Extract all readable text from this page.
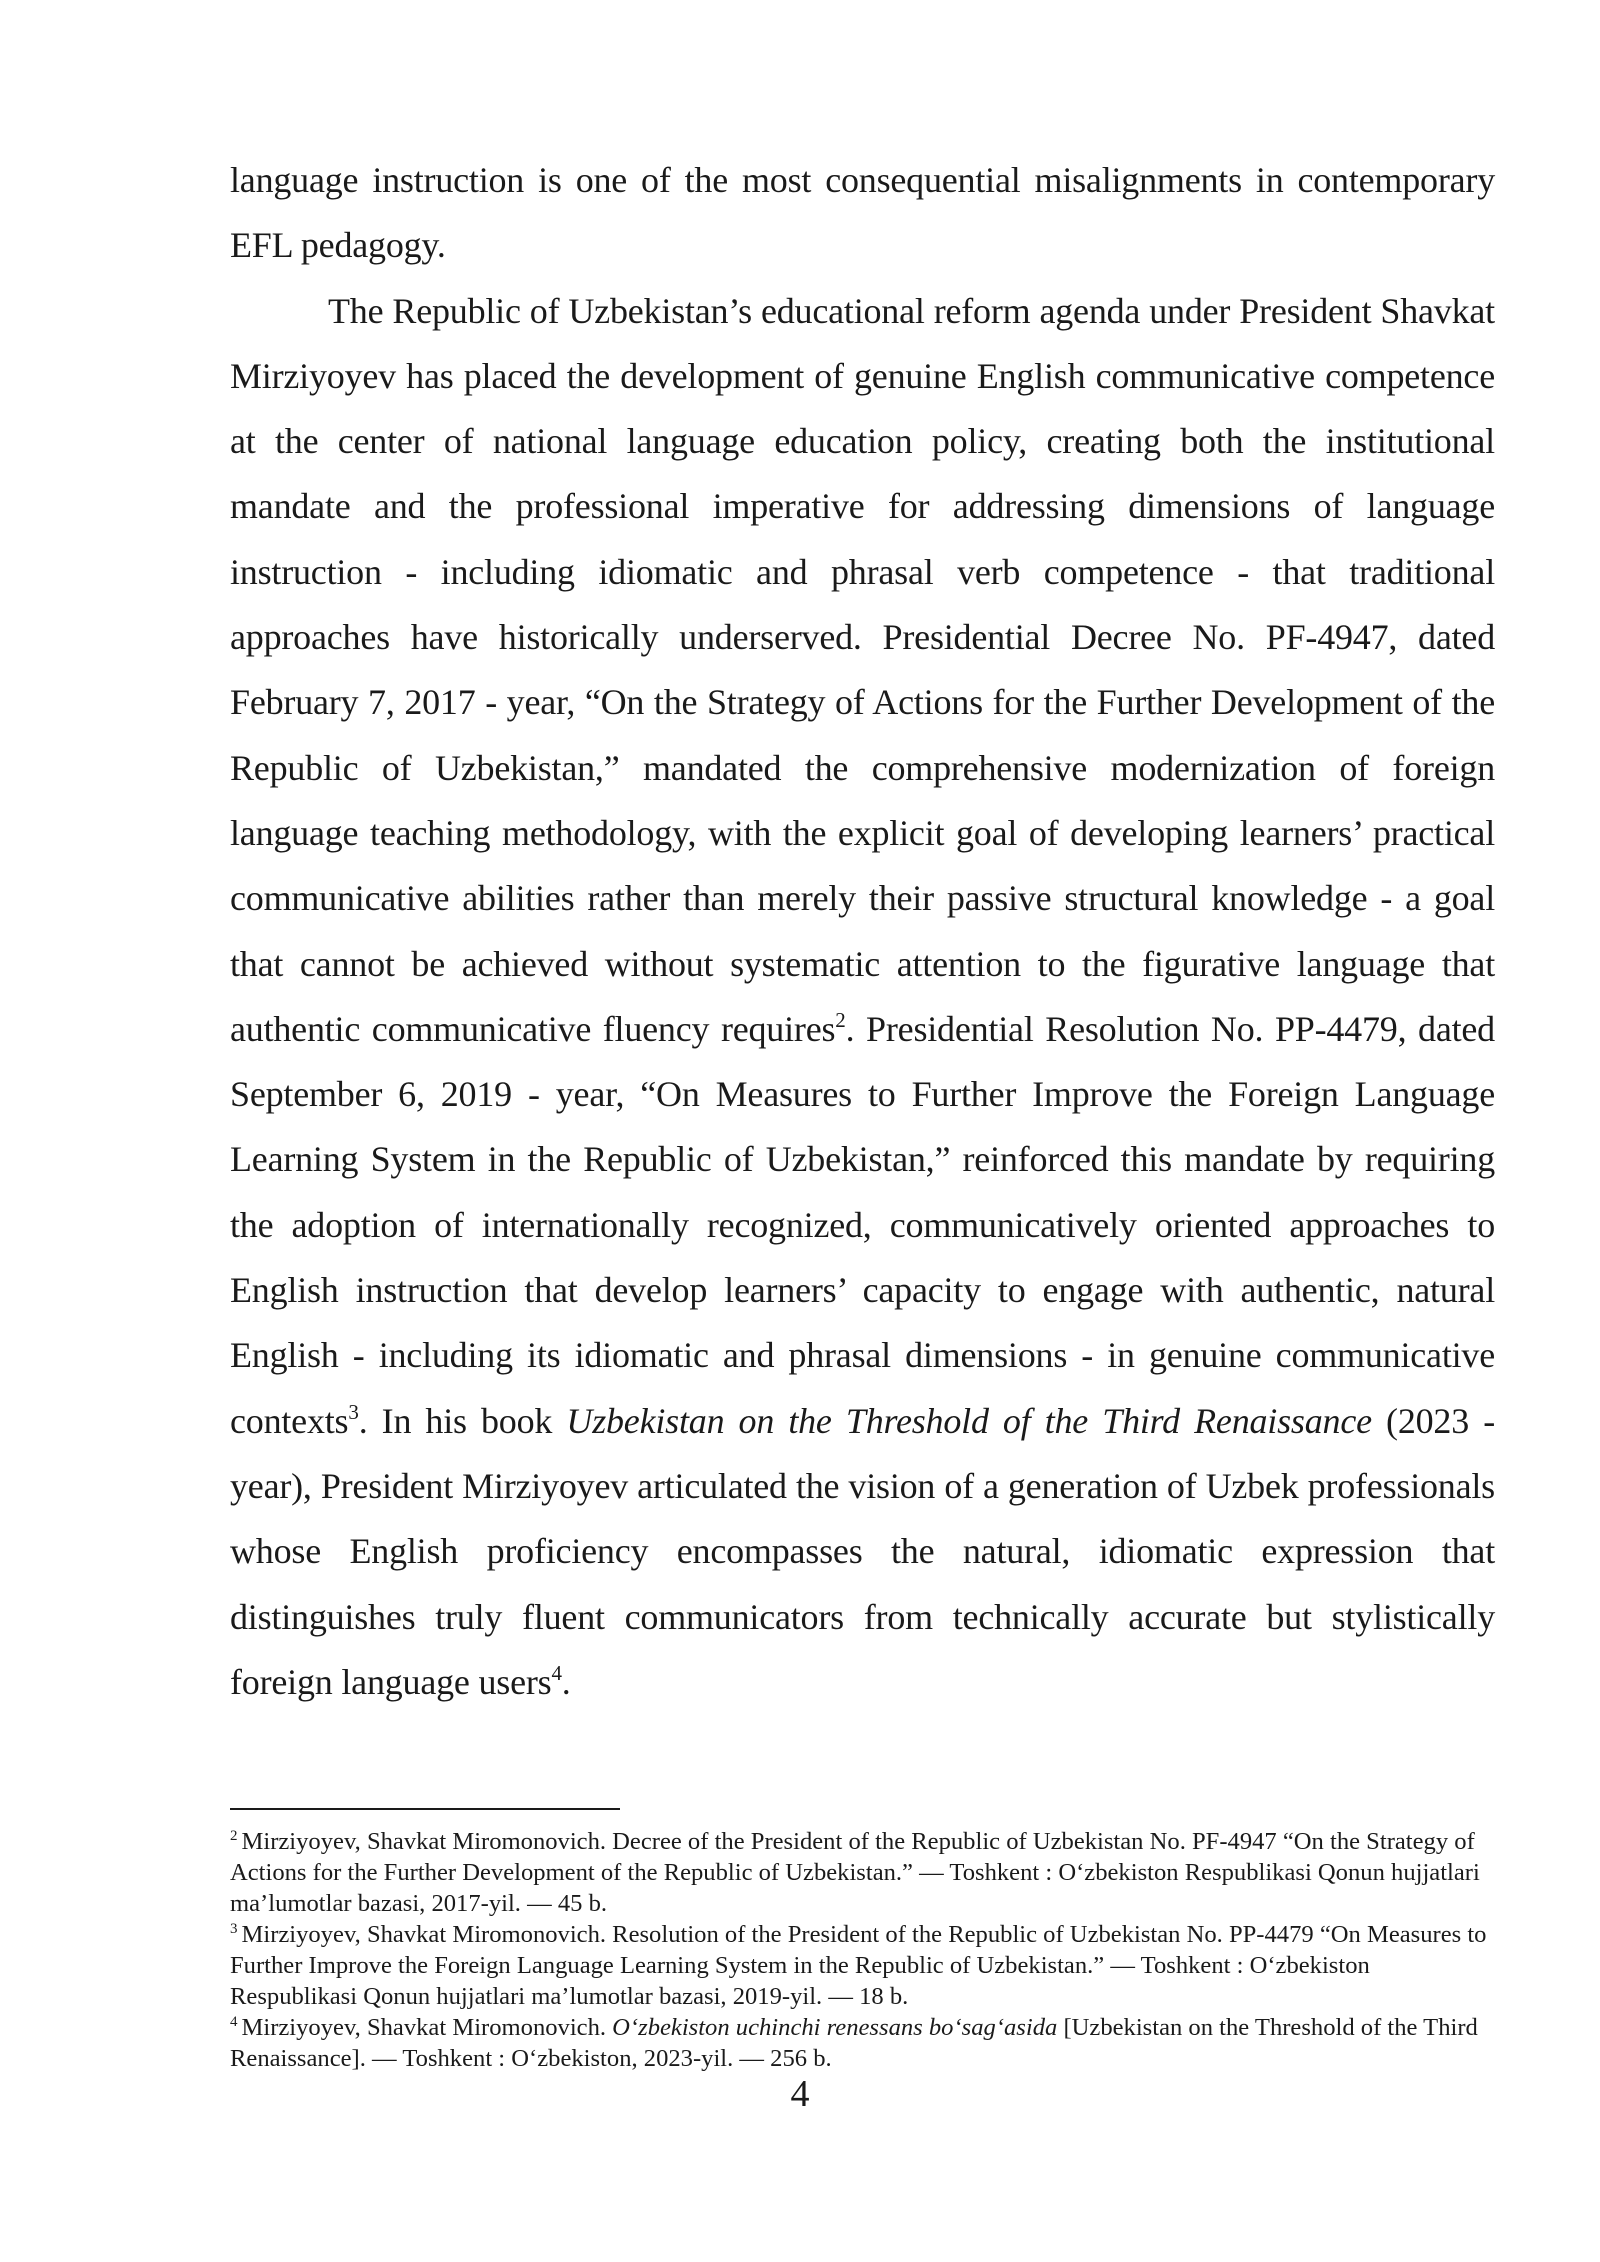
language instruction is one of the most consequential misalignments in contemporary EFL pedagogy.

The Republic of Uzbekistan’s educational reform agenda under President Shavkat Mirziyoyev has placed the development of genuine English communicative competence at the center of national language education policy, creating both the institutional mandate and the professional imperative for addressing dimensions of language instruction - including idiomatic and phrasal verb competence - that traditional approaches have historically underserved. Presidential Decree No. PF-4947, dated February 7, 2017 - year, “On the Strategy of Actions for the Further Development of the Republic of Uzbekistan,” mandated the comprehensive modernization of foreign language teaching methodology, with the explicit goal of developing learners’ practical communicative abilities rather than merely their passive structural knowledge - a goal that cannot be achieved without systematic attention to the figurative language that authentic communicative fluency requires$^2$. Presidential Resolution No. PP-4479, dated September 6, 2019 - year, “On Measures to Further Improve the Foreign Language Learning System in the Republic of Uzbekistan,” reinforced this mandate by requiring the adoption of internationally recognized, communicatively oriented approaches to English instruction that develop learners’ capacity to engage with authentic, natural English - including its idiomatic and phrasal dimensions - in genuine communicative contexts$^3$. In his book Uzbekistan on the Threshold of the Third Renaissance (2023 - year), President Mirziyoyev articulated the vision of a generation of Uzbek professionals whose English proficiency encompasses the natural, idiomatic expression that distinguishes truly fluent communicators from technically accurate but stylistically foreign language users$^4$.

$^2$ Mirziyoyev, Shavkat Miromonovich. Decree of the President of the Republic of Uzbekistan No. PF-4947 “On the Strategy of Actions for the Further Development of the Republic of Uzbekistan.” — Toshkent : O‘zbekiston Respublikasi Qonun hujjatlari ma’lumotlar bazasi, 2017-yil. — 45 b.

$^3$ Mirziyoyev, Shavkat Miromonovich. Resolution of the President of the Republic of Uzbekistan No. PP-4479 “On Measures to Further Improve the Foreign Language Learning System in the Republic of Uzbekistan.” — Toshkent : O‘zbekiston Respublikasi Qonun hujjatlari ma’lumotlar bazasi, 2019-yil. — 18 b.

$^4$ Mirziyoyev, Shavkat Miromonovich. O‘zbekiston uchinchi renessans bo‘sag‘asida [Uzbekistan on the Threshold of the Third Renaissance]. — Toshkent : O‘zbekiston, 2023-yil. — 256 b.

4
